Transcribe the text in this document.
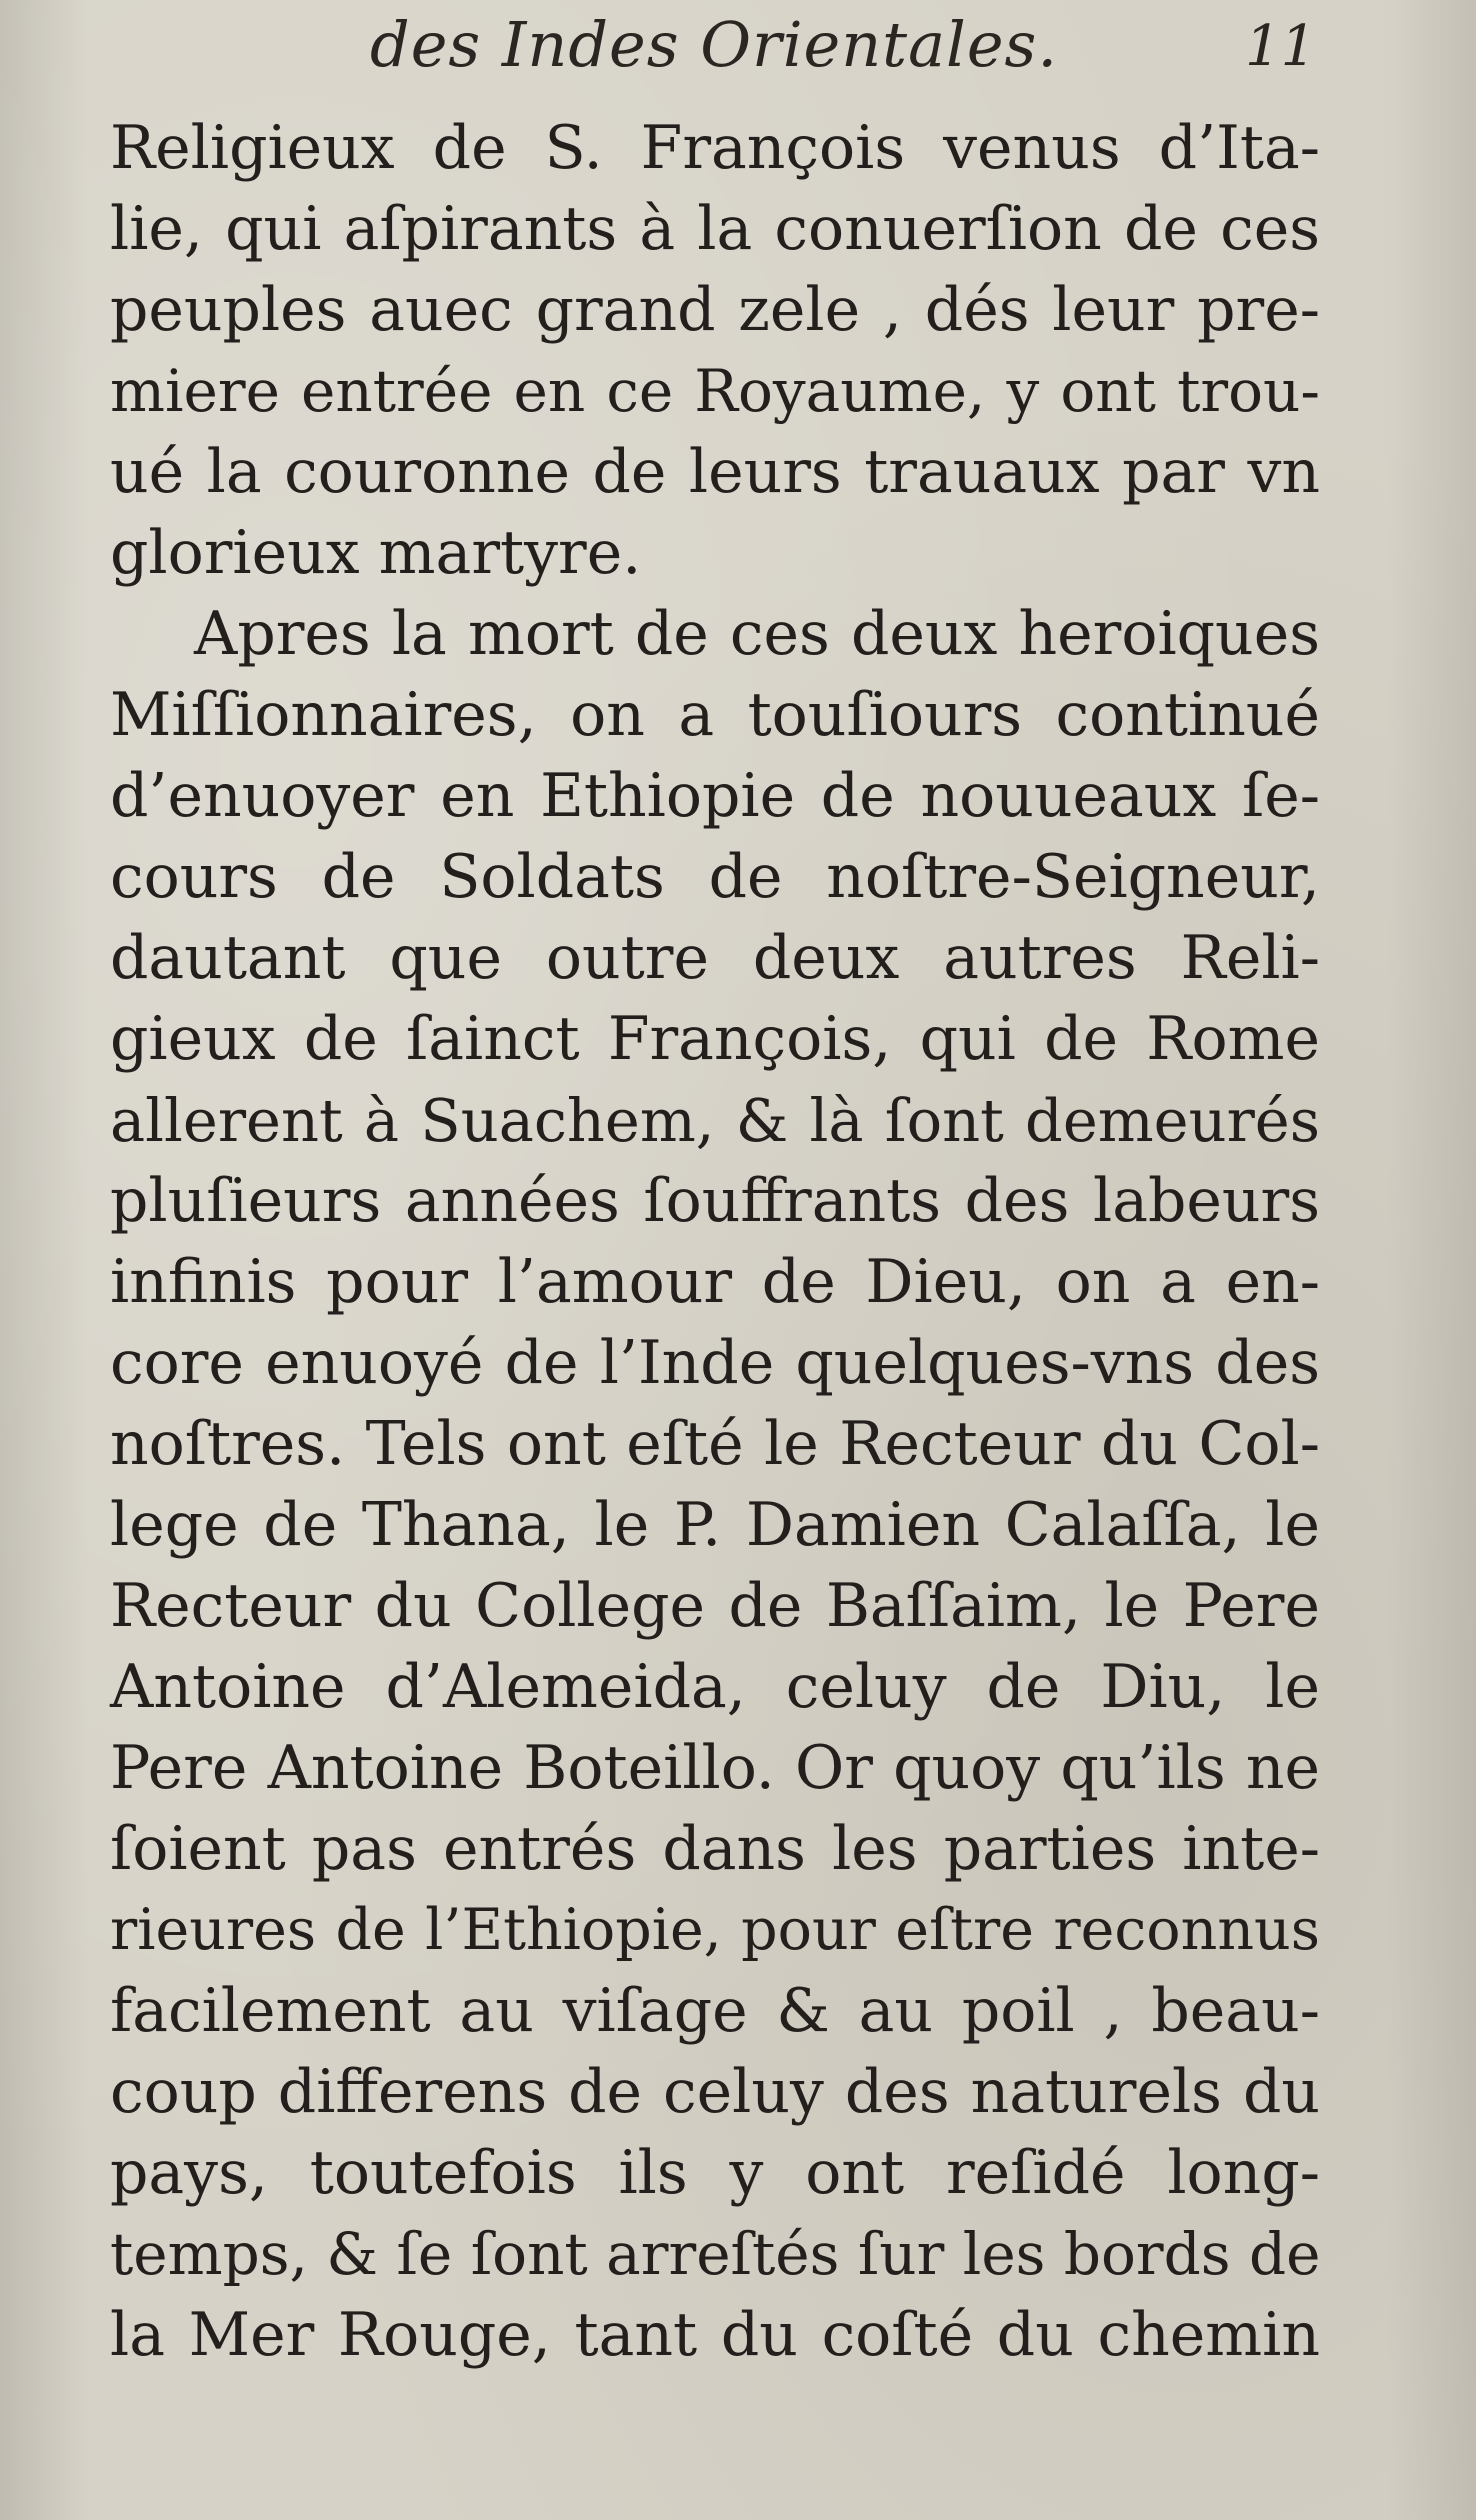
des Indes Orientales.	11
Religieux de S. François venus d’Ita-
lie, qui aſpirants à la conuerſion de ces
peuples auec grand zele , dés leur pre-
miere entrée en ce Royaume, y ont trou-
ué la couronne de leurs trauaux par vn
glorieux martyre.
Apres la mort de ces deux heroiques
Miſſionnaires, on a touſiours continué
d’enuoyer en Ethiopie de nouueaux ſe-
cours de Soldats de noſtre-Seigneur,
dautant que outre deux autres Reli-
gieux de ſainct François, qui de Rome
allerent à Suachem, & là ſont demeurés
pluſieurs années ſouffrants des labeurs
infinis pour l’amour de Dieu, on a en-
core enuoyé de l’Inde quelques-vns des
noſtres. Tels ont eſté le Recteur du Col-
lege de Thana, le P. Damien Calaſſa, le
Recteur du College de Baſſaim, le Pere
Antoine d’Alemeida, celuy de Diu, le
Pere Antoine Boteillo. Or quoy qu’ils ne
ſoient pas entrés dans les parties inte-
rieures de l’Ethiopie, pour eſtre reconnus
facilement au viſage & au poil , beau-
coup differens de celuy des naturels du
pays, toutefois ils y ont reſidé long-
temps, & ſe ſont arreſtés ſur les bords de
la Mer Rouge, tant du coſté du chemin
